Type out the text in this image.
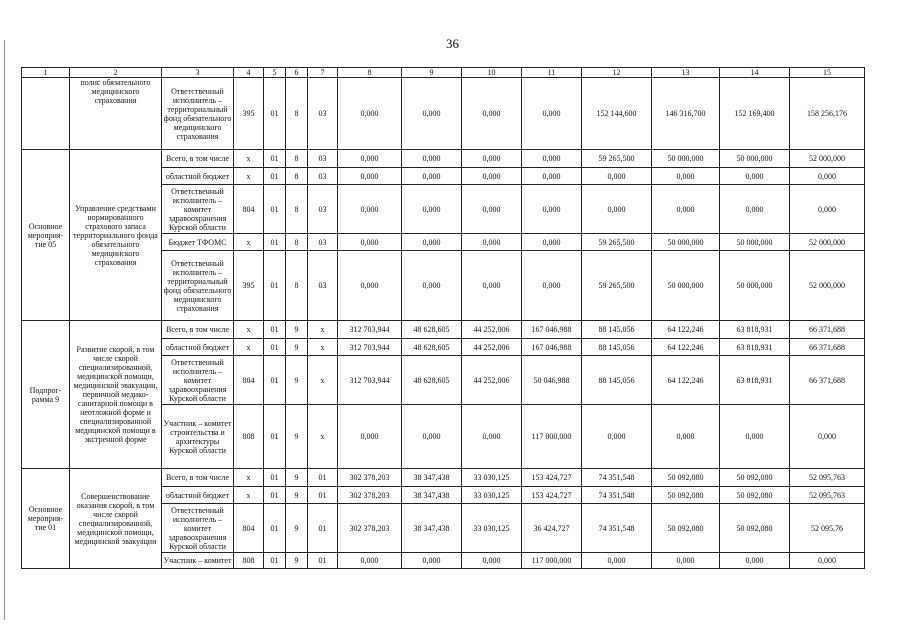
36
1	2	3	4	5	6	7	8	9	10	11	12	13	14	15
	полис обязательного медицинского страхования	Ответственный исполнитель – территориальный фонд обязательного медицинского страхования	395	01	8	03	0,000	0,000	0,000	0,000	152 144,600	146 316,700	152 169,400	158 256,176
Основное мероприя-тие 05	Управление средствами нормированного страхового запаса территориального фонда обязательного медицинского страхования	Всего, в том числе	х	01	8	03	0,000	0,000	0,000	0,000	59 265,500	50 000,000	50 000,000	52 000,000
		областной бюджет	х	01	8	03	0,000	0,000	0,000	0,000	0,000	0,000	0,000	0,000
		Ответственный исполнитель – комитет здравоохранения Курской области	804	01	8	03	0,000	0,000	0,000	0,000	0,000	0,000	0,000	0,000
		Бюджет ТФОМС	х	01	8	03	0,000	0,000	0,000	0,000	59 265,500	50 000,000	50 000,000	52 000,000
		Ответственный исполнитель – территориальный фонд обязательного медицинского страхования	395	01	8	03	0,000	0,000	0,000	0,000	59 265,500	50 000,000	50 000,000	52 000,000
Подпрог-рамма 9	Развитие скорой, в том числе скорой специализированной, медицинской помощи, медицинской эвакуации, первичной медико-санитарной помощи в неотложной форме и специализированной медицинской помощи в экстренной форме	Всего, в том числе	х	01	9	х	312 703,944	48 628,605	44 252,006	167 046,988	88 145,056	64 122,246	63 818,931	66 371,688
		областной бюджет	х	01	9	х	312 703,944	48 628,605	44 252,006	167 046,988	88 145,056	64 122,246	63 818,931	66 371,688
		Ответственный исполнитель – комитет здравоохранения Курской области	804	01	9	х	312 703,944	48 628,605	44 252,006	50 046,988	88 145,056	64 122,246	63 818,931	66 371,688
		Участник – комитет строительства и архитектуры Курской области	808	01	9	х	0,000	0,000	0,000	117 000,000	0,000	0,000	0,000	0,000
Основное мероприя-тие 01	Совершенствование оказания скорой, в том числе скорой специализированной, медицинской помощи, медицинской эвакуации	Всего, в том числе	х	01	9	01	302 378,203	38 347,438	33 030,125	153 424,727	74 351,548	50 092,080	50 092,080	52 095,763
		областной бюджет	х	01	9	01	302 378,203	38 347,438	33 030,125	153 424,727	74 351,548	50 092,080	50 092,080	52 095,763
		Ответственный исполнитель – комитет здравоохранения Курской области	804	01	9	01	302 378,203	38 347,438	33 030,125	36 424,727	74 351,548	50 092,080	50 092,080	52 095,76
		Участник – комитет	808	01	9	01	0,000	0,000	0,000	117 000,000	0,000	0,000	0,000	0,000
